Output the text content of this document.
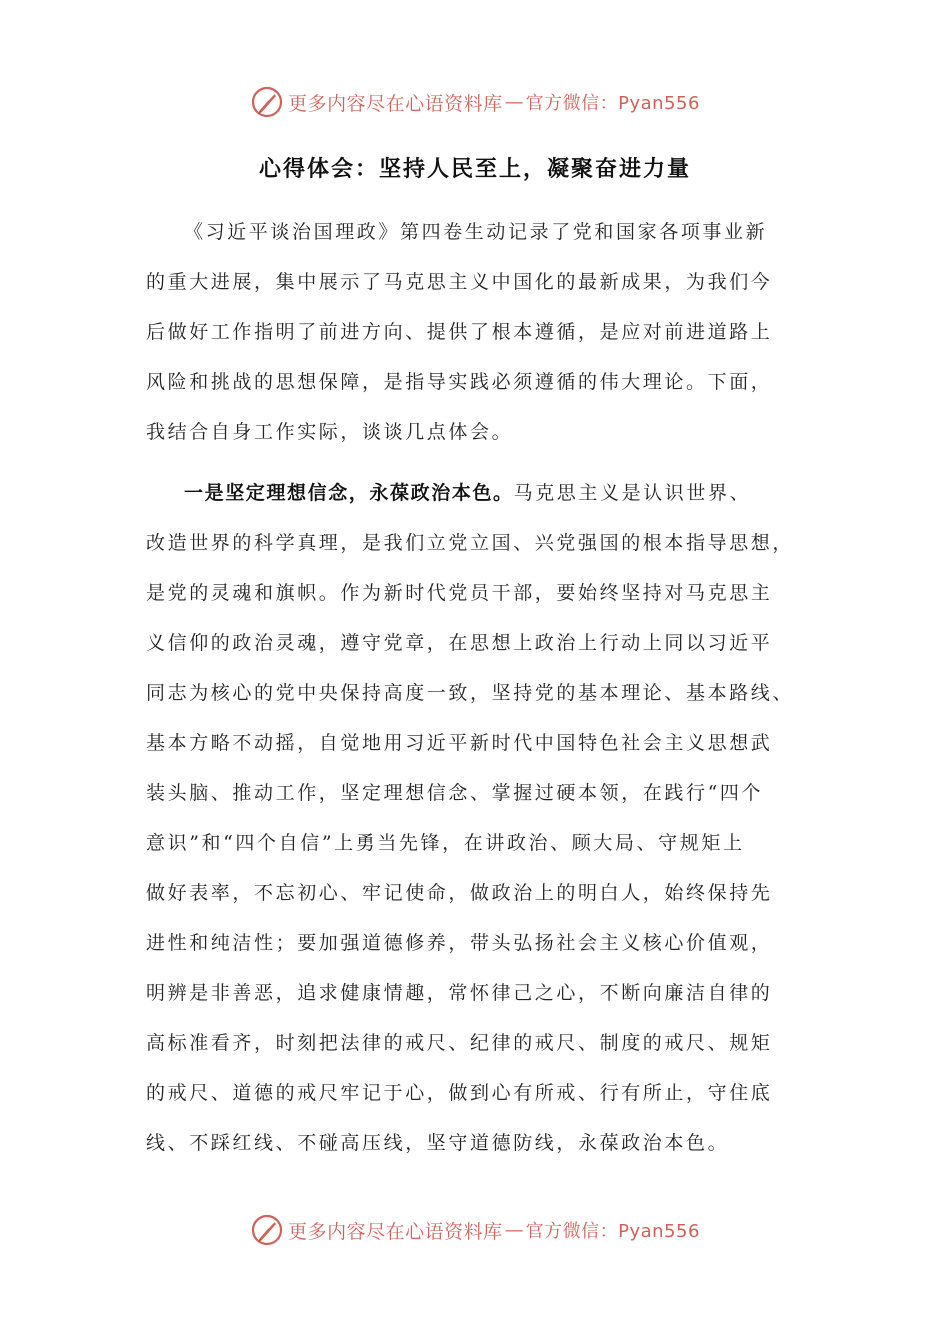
更多内容尽在心语资料库 — 官方微信：Pyan556
心得体会：坚持人民至上，凝聚奋进力量
《习近平谈治国理政》第四卷生动记录了党和国家各项事业新
的重大进展，集中展示了马克思主义中国化的最新成果，为我们今
后做好工作指明了前进方向、提供了根本遵循，是应对前进道路上
风险和挑战的思想保障，是指导实践必须遵循的伟大理论。下面，
我结合自身工作实际，谈谈几点体会。
一是坚定理想信念，永葆政治本色。马克思主义是认识世界、
改造世界的科学真理，是我们立党立国、兴党强国的根本指导思想，
是党的灵魂和旗帜。作为新时代党员干部，要始终坚持对马克思主
义信仰的政治灵魂，遵守党章，在思想上政治上行动上同以习近平
同志为核心的党中央保持高度一致，坚持党的基本理论、基本路线、
基本方略不动摇，自觉地用习近平新时代中国特色社会主义思想武
装头脑、推动工作，坚定理想信念、掌握过硬本领，在践行“四个
意识”和“四个自信”上勇当先锋，在讲政治、顾大局、守规矩上
做好表率，不忘初心、牢记使命，做政治上的明白人，始终保持先
进性和纯洁性；要加强道德修养，带头弘扬社会主义核心价值观，
明辨是非善恶，追求健康情趣，常怀律己之心，不断向廉洁自律的
高标准看齐，时刻把法律的戒尺、纪律的戒尺、制度的戒尺、规矩
的戒尺、道德的戒尺牢记于心，做到心有所戒、行有所止，守住底
线、不踩红线、不碰高压线，坚守道德防线，永葆政治本色。
更多内容尽在心语资料库 — 官方微信：Pyan556
